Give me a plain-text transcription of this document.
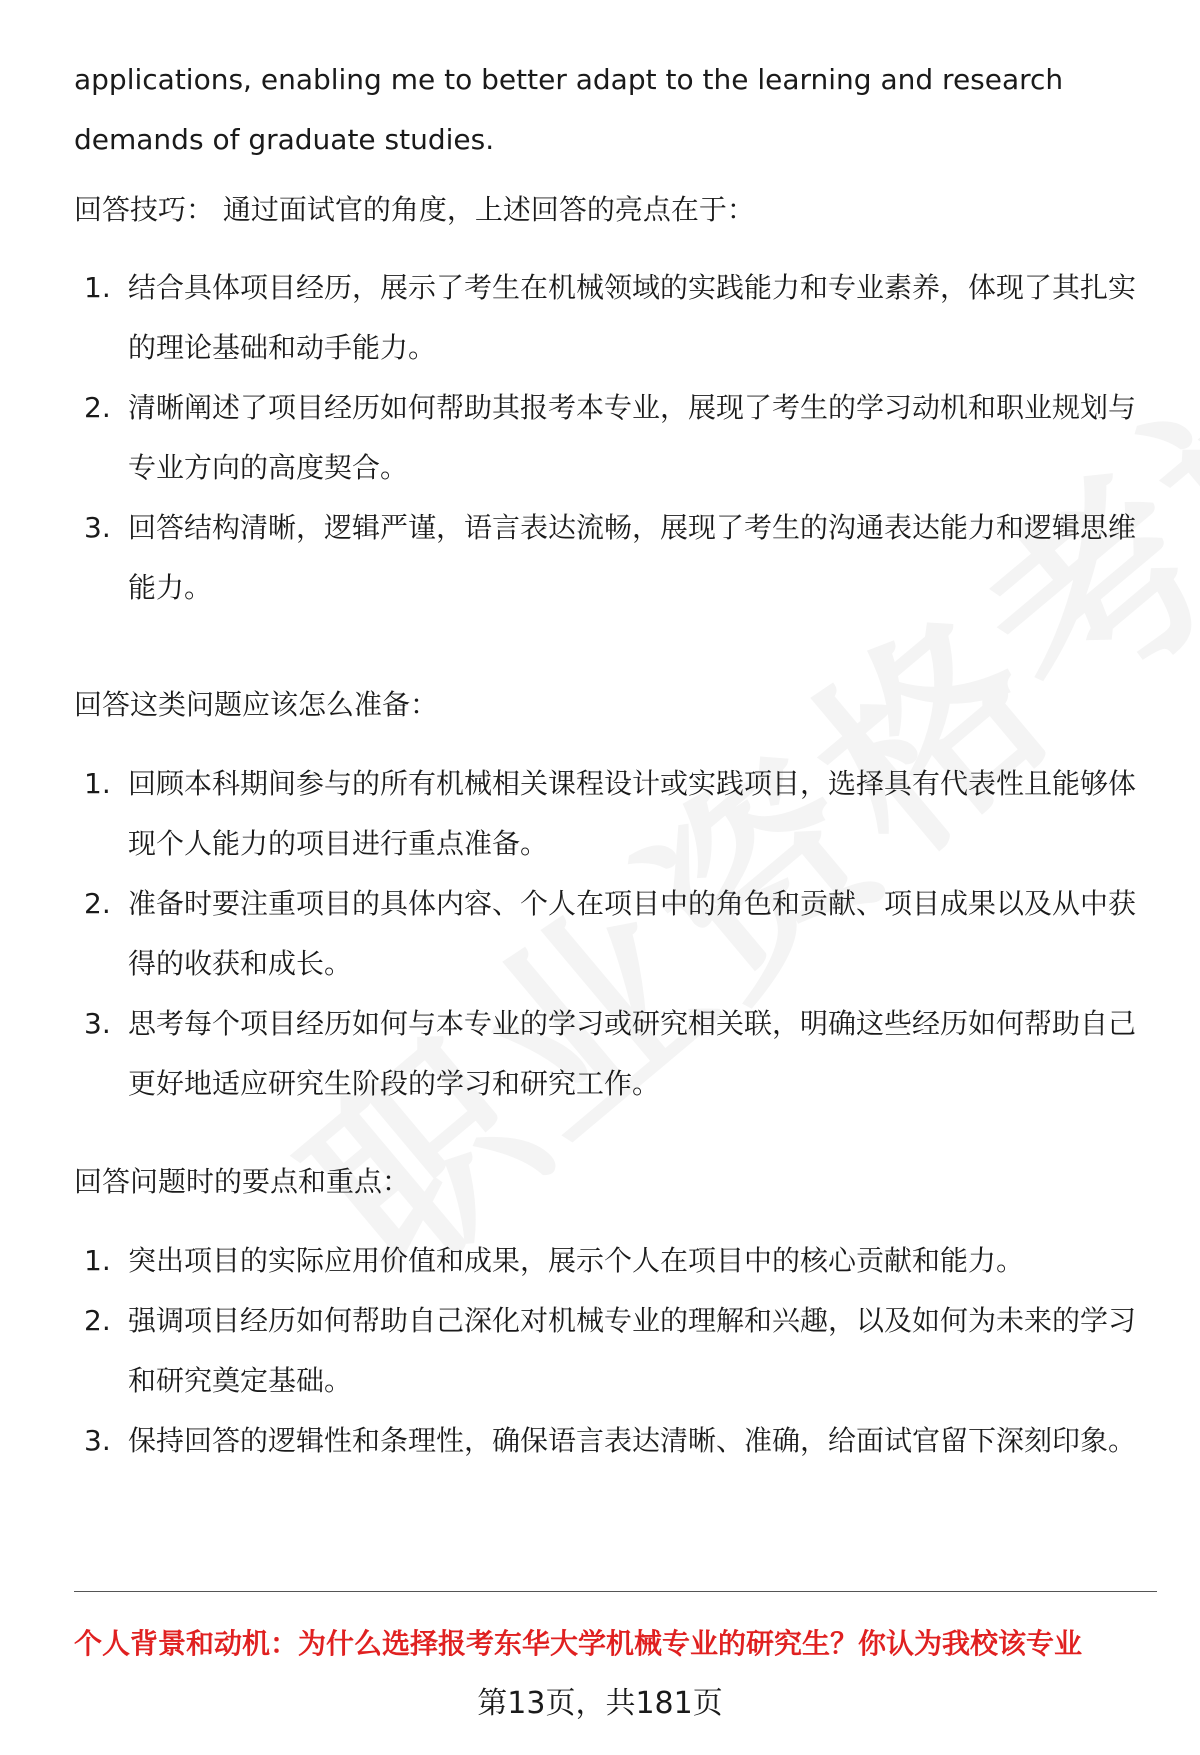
applications, enabling me to better adapt to the learning and research
demands of graduate studies.

回答技巧： 通过面试官的角度，上述回答的亮点在于：

1. 结合具体项目经历，展示了考生在机械领域的实践能力和专业素养，体现了其扎实的理论基础和动手能力。
2. 清晰阐述了项目经历如何帮助其报考本专业，展现了考生的学习动机和职业规划与专业方向的高度契合。
3. 回答结构清晰，逻辑严谨，语言表达流畅，展现了考生的沟通表达能力和逻辑思维能力。

回答这类问题应该怎么准备：

1. 回顾本科期间参与的所有机械相关课程设计或实践项目，选择具有代表性且能够体现个人能力的项目进行重点准备。
2. 准备时要注重项目的具体内容、个人在项目中的角色和贡献、项目成果以及从中获得的收获和成长。
3. 思考每个项目经历如何与本专业的学习或研究相关联，明确这些经历如何帮助自己更好地适应研究生阶段的学习和研究工作。

回答问题时的要点和重点：

1. 突出项目的实际应用价值和成果，展示个人在项目中的核心贡献和能力。
2. 强调项目经历如何帮助自己深化对机械专业的理解和兴趣，以及如何为未来的学习和研究奠定基础。
3. 保持回答的逻辑性和条理性，确保语言表达清晰、准确，给面试官留下深刻印象。
个人背景和动机：为什么选择报考东华大学机械专业的研究生？你认为我校该专业
第13页，共181页
